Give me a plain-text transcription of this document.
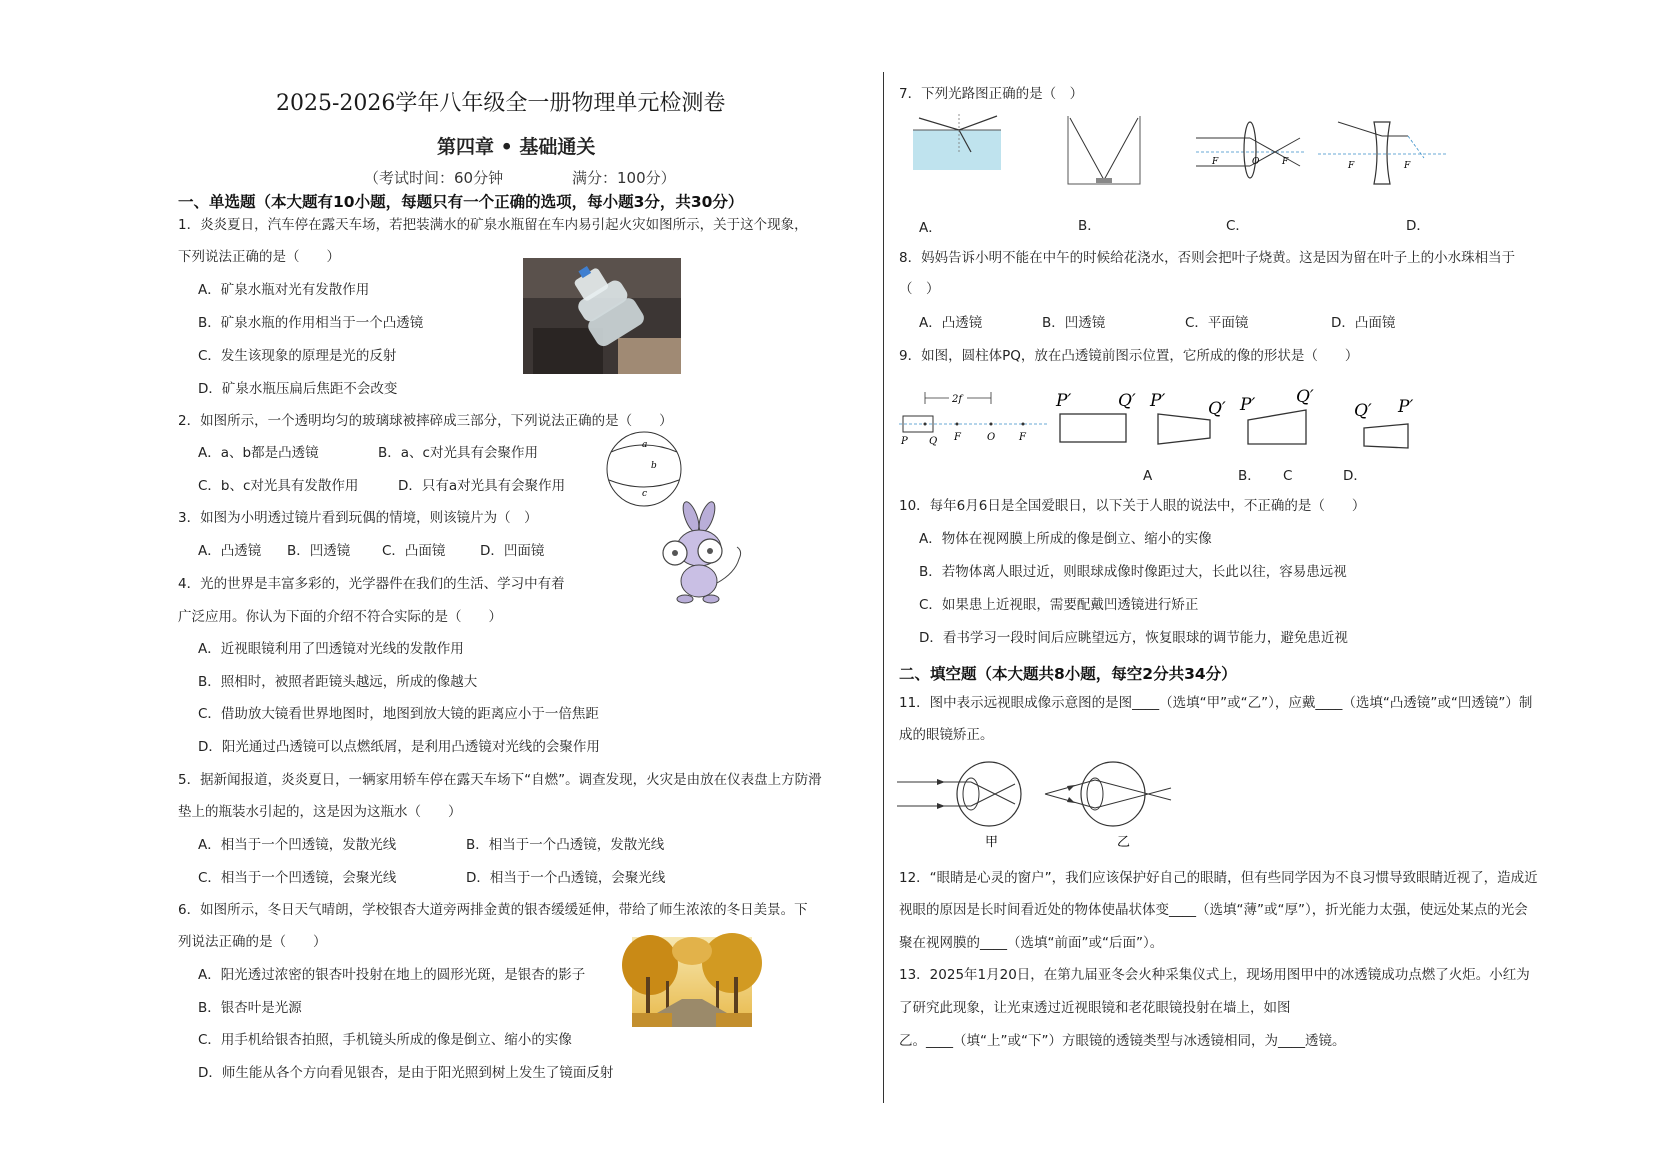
2025-2026学年八年级全一册物理单元检测卷
第四章 • 基础通关
（考试时间：60分钟	满分：100分）
一、单选题（本大题有10小题，每题只有一个正确的选项，每小题3分，共30分）
1．炎炎夏日，汽车停在露天车场，若把装满水的矿泉水瓶留在车内易引起火灾如图所示，关于这个现象，
下列说法正确的是（　　）
A．矿泉水瓶对光有发散作用
B．矿泉水瓶的作用相当于一个凸透镜
C．发生该现象的原理是光的反射
D．矿泉水瓶压扁后焦距不会改变
2．如图所示，一个透明均匀的玻璃球被摔碎成三部分，下列说法正确的是（　　）
A．a、b都是凸透镜	B．a、c对光具有会聚作用
C．b、c对光具有发散作用	D．只有a对光具有会聚作用
a
b
c
3．如图为小明透过镜片看到玩偶的情境，则该镜片为（　）
A．凸透镜 B．凹透镜 C．凸面镜	D．凹面镜
4．光的世界是丰富多彩的，光学器件在我们的生活、学习中有着
广泛应用。你认为下面的介绍不符合实际的是（　　）
A．近视眼镜利用了凹透镜对光线的发散作用
B．照相时，被照者距镜头越远，所成的像越大
C．借助放大镜看世界地图时，地图到放大镜的距离应小于一倍焦距
D．阳光通过凸透镜可以点燃纸屑，是利用凸透镜对光线的会聚作用
5．据新闻报道，炎炎夏日，一辆家用轿车停在露天车场下“自燃”。调查发现，火灾是由放在仪表盘上方防滑
垫上的瓶装水引起的，这是因为这瓶水（　　）
A．相当于一个凹透镜，发散光线	B．相当于一个凸透镜，发散光线
C．相当于一个凹透镜，会聚光线	D．相当于一个凸透镜，会聚光线
6．如图所示，冬日天气晴朗，学校银杏大道旁两排金黄的银杏缓缓延伸，带给了师生浓浓的冬日美景。下
列说法正确的是（　　）
A．阳光透过浓密的银杏叶投射在地上的圆形光斑，是银杏的影子
B．银杏叶是光源
C．用手机给银杏拍照，手机镜头所成的像是倒立、缩小的实像
D．师生能从各个方向看见银杏，是由于阳光照到树上发生了镜面反射
7．下列光路图正确的是（　）
F	O	F	F	F
A．	B．	C．	D．
8．妈妈告诉小明不能在中午的时候给花浇水，否则会把叶子烧黄。这是因为留在叶子上的小水珠相当于
（　）
A．凸透镜	B．凹透镜	C．平面镜	D．凸面镜
9．如图，圆柱体PQ，放在凸透镜前图示位置，它所成的像的形状是（　　）
2f
P Q F	O F
P′	Q′ P′	Q′ P′ Q′
Q′ P′
A	B． C	D．
10．每年6月6日是全国爱眼日，以下关于人眼的说法中，不正确的是（　　）
A．物体在视网膜上所成的像是倒立、缩小的实像
B．若物体离人眼过近，则眼球成像时像距过大，长此以往，容易患远视
C．如果患上近视眼，需要配戴凹透镜进行矫正
D．看书学习一段时间后应眺望远方，恢复眼球的调节能力，避免患近视
二、填空题（本大题共8小题，每空2分共34分）
11．图中表示远视眼成像示意图的是图____（选填“甲”或“乙”），应戴____（选填“凸透镜”或“凹透镜”）制
成的眼镜矫正。
甲	乙
12．“眼睛是心灵的窗户”，我们应该保护好自己的眼睛，但有些同学因为不良习惯导致眼睛近视了，造成近
视眼的原因是长时间看近处的物体使晶状体变____（选填“薄”或“厚”），折光能力太强，使远处某点的光会
聚在视网膜的____（选填“前面”或“后面”）。
13．2025年1月20日，在第九届亚冬会火种采集仪式上，现场用图甲中的冰透镜成功点燃了火炬。小红为
了研究此现象，让光束透过近视眼镜和老花眼镜投射在墙上，如图
乙。____（填“上”或“下”）方眼镜的透镜类型与冰透镜相同，为____透镜。
